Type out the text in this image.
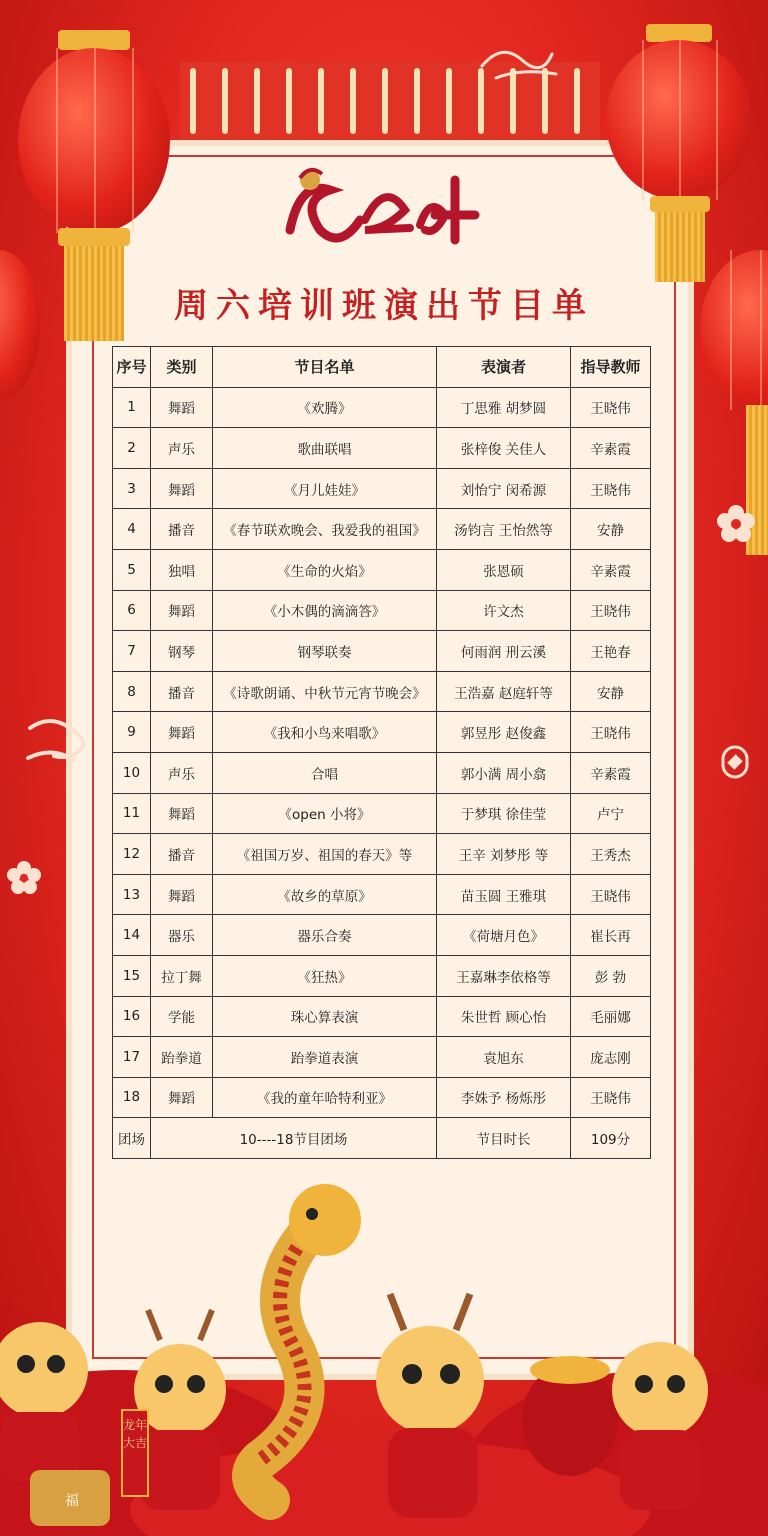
周六培训班演出节目单
序号	类别	节目名单	表演者	指导教师
1	舞蹈	《欢腾》	丁思雅 胡梦圆	王晓伟
2	声乐	歌曲联唱	张梓俊 关佳人	辛素霞
3	舞蹈	《月儿娃娃》	刘怡宁 闵希源	王晓伟
4	播音	《春节联欢晚会、我爱我的祖国》	汤钧言 王怡然等	安静
5	独唱	《生命的火焰》	张恩硕	辛素霞
6	舞蹈	《小木偶的滴滴答》	许文杰	王晓伟
7	钢琴	钢琴联奏	何雨润 刑云溪	王艳春
8	播音	《诗歌朗诵、中秋节元宵节晚会》	王浩嘉 赵庭轩等	安静
9	舞蹈	《我和小鸟来唱歌》	郭昱彤 赵俊鑫	王晓伟
10	声乐	合唱	郭小满 周小翕	辛素霞
11	舞蹈	《open 小将》	于梦琪 徐佳莹	卢宁
12	播音	《祖国万岁、祖国的春天》等	王辛 刘梦彤 等	王秀杰
13	舞蹈	《故乡的草原》	苗玉圆 王雅琪	王晓伟
14	器乐	器乐合奏	《荷塘月色》	崔长再
15	拉丁舞	《狂热》	王嘉琳李依格等	彭 勃
16	学能	珠心算表演	朱世哲 顾心怡	毛丽娜
17	跆拳道	跆拳道表演	袁旭东	庞志刚
18	舞蹈	《我的童年哈特利亚》	李姝予 杨烁彤	王晓伟
团场	10----18节目团场		节目时长	109分
龙年大吉
福
